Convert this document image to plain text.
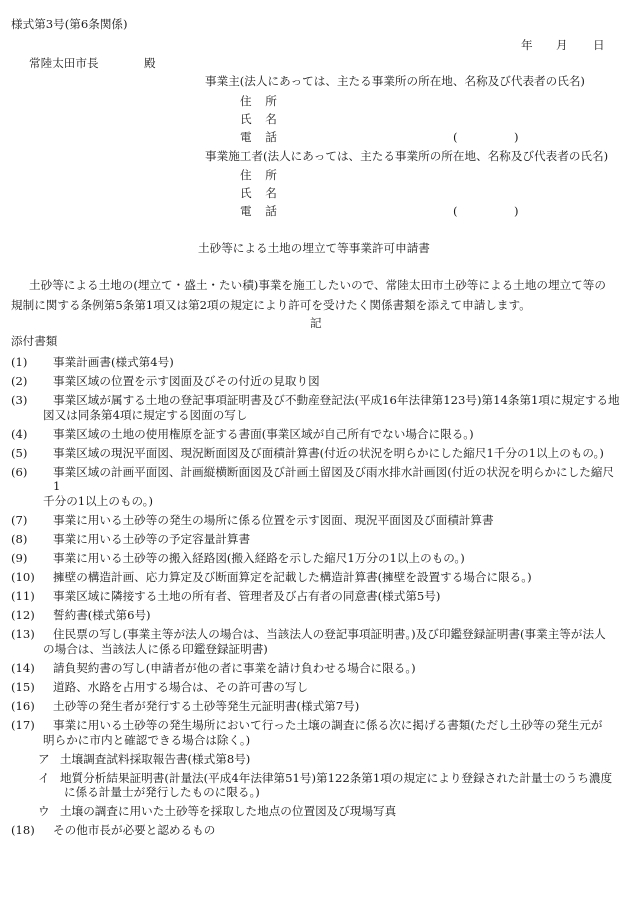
様式第3号(第6条関係)
年 月 日
常陸太田市長	殿
事業主(法人にあっては、主たる事業所の所在地、名称及び代表者の氏名)
住　所
氏　名
電　話	(	)
事業施工者(法人にあっては、主たる事業所の所在地、名称及び代表者の氏名)
住　所
氏　名
電　話	(	)
土砂等による土地の埋立て等事業許可申請書
土砂等による土地の(埋立て・盛土・たい積)事業を施工したいので、常陸太田市土砂等による土地の埋立て等の
規制に関する条例第5条第1項又は第2項の規定により許可を受けたく関係書類を添えて申請します。
記
添付書類
(1)	事業計画書(様式第4号)
(2)	事業区域の位置を示す図面及びその付近の見取り図
(3)	事業区域が属する土地の登記事項証明書及び不動産登記法(平成16年法律第123号)第14条第1項に規定する地
図又は同条第4項に規定する図面の写し
(4)	事業区域の土地の使用権原を証する書面(事業区域が自己所有でない場合に限る。)
(5)	事業区域の現況平面図、現況断面図及び面積計算書(付近の状況を明らかにした縮尺1千分の1以上のもの。)
(6)	事業区域の計画平面図、計画縦横断面図及び計画土留図及び雨水排水計画図(付近の状況を明らかにした縮尺1
千分の1以上のもの。)
(7)	事業に用いる土砂等の発生の場所に係る位置を示す図面、現況平面図及び面積計算書
(8)	事業に用いる土砂等の予定容量計算書
(9)	事業に用いる土砂等の搬入経路図(搬入経路を示した縮尺1万分の1以上のもの。)
(10)	擁壁の構造計画、応力算定及び断面算定を記載した構造計算書(擁壁を設置する場合に限る。)
(11)	事業区域に隣接する土地の所有者、管理者及び占有者の同意書(様式第5号)
(12)	誓約書(様式第6号)
(13)	住民票の写し(事業主等が法人の場合は、当該法人の登記事項証明書。)及び印鑑登録証明書(事業主等が法人
の場合は、当該法人に係る印鑑登録証明書)
(14)	請負契約書の写し(申請者が他の者に事業を請け負わせる場合に限る。)
(15)	道路、水路を占用する場合は、その許可書の写し
(16)	土砂等の発生者が発行する土砂等発生元証明書(様式第7号)
(17)	事業に用いる土砂等の発生場所において行った土壌の調査に係る次に掲げる書類(ただし土砂等の発生元が
明らかに市内と確認できる場合は除く。)
ア 土壌調査試料採取報告書(様式第8号)
イ 地質分析結果証明書(計量法(平成4年法律第51号)第122条第1項の規定により登録された計量士のうち濃度
に係る計量士が発行したものに限る。)
ウ 土壌の調査に用いた土砂等を採取した地点の位置図及び現場写真
(18)	その他市長が必要と認めるもの
